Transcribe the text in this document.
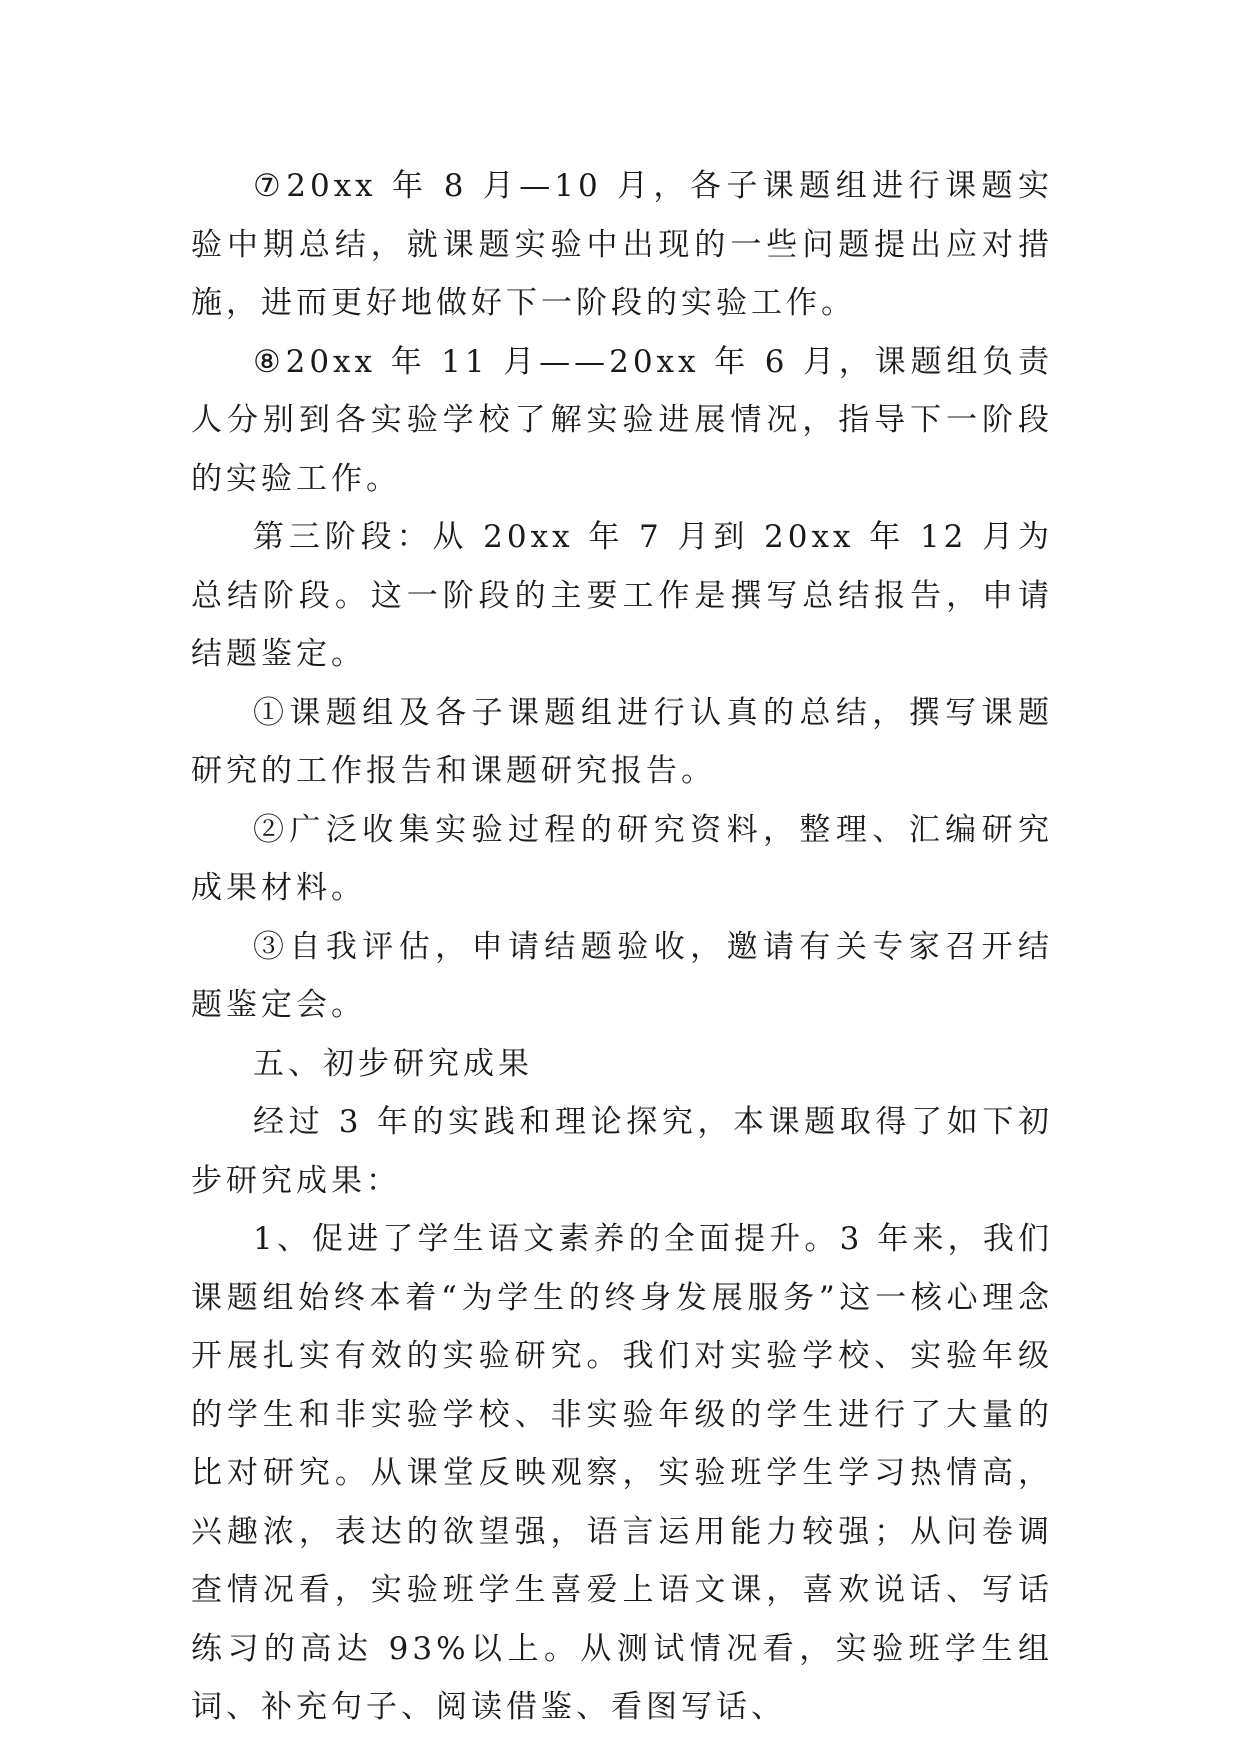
⑦20xx 年 8 月—10 月，各子课题组进行课题实验中期总结，就课题实验中出现的一些问题提出应对措施，进而更好地做好下一阶段的实验工作。

⑧20xx 年 11 月——20xx 年 6 月，课题组负责人分别到各实验学校了解实验进展情况，指导下一阶段的实验工作。

第三阶段：从 20xx 年 7 月到 20xx 年 12 月为总结阶段。这一阶段的主要工作是撰写总结报告，申请结题鉴定。

①课题组及各子课题组进行认真的总结，撰写课题研究的工作报告和课题研究报告。

②广泛收集实验过程的研究资料，整理、汇编研究成果材料。

③自我评估，申请结题验收，邀请有关专家召开结题鉴定会。

五、初步研究成果

经过 3 年的实践和理论探究，本课题取得了如下初步研究成果：

1、促进了学生语文素养的全面提升。3 年来，我们课题组始终本着“为学生的终身发展服务”这一核心理念开展扎实有效的实验研究。我们对实验学校、实验年级的学生和非实验学校、非实验年级的学生进行了大量的比对研究。从课堂反映观察，实验班学生学习热情高，兴趣浓，表达的欲望强，语言运用能力较强；从问卷调查情况看，实验班学生喜爱上语文课，喜欢说话、写话练习的高达 93%以上。从测试情况看，实验班学生组词、补充句子、阅读借鉴、看图写话、
